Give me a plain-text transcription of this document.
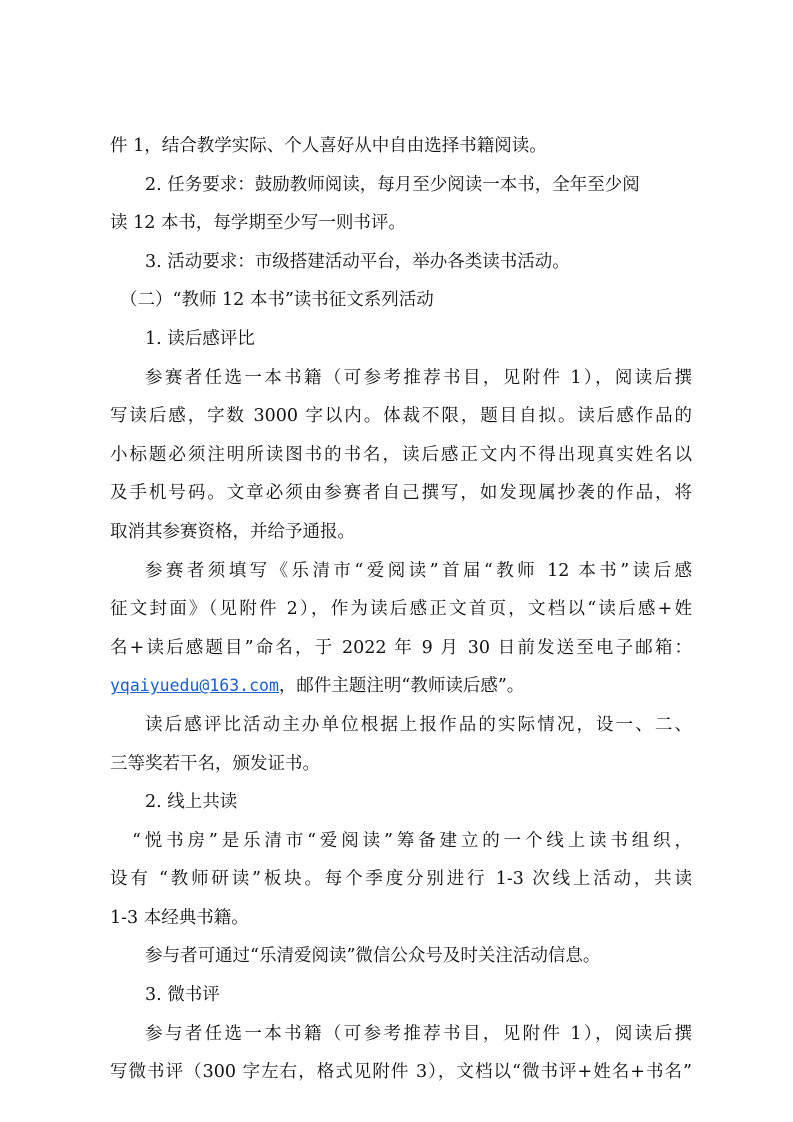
件 1，结合教学实际、个人喜好从中自由选择书籍阅读。

2. 任务要求：鼓励教师阅读，每月至少阅读一本书，全年至少阅

读 12 本书，每学期至少写一则书评。

3. 活动要求：市级搭建活动平台，举办各类读书活动。

（二）“教师 12 本书”读书征文系列活动

1. 读后感评比

参赛者任选一本书籍（可参考推荐书目，见附件 1），阅读后撰

写读后感，字数 3000 字以内。体裁不限，题目自拟。读后感作品的

小标题必须注明所读图书的书名，读后感正文内不得出现真实姓名以

及手机号码。文章必须由参赛者自己撰写，如发现属抄袭的作品，将

取消其参赛资格，并给予通报。

参赛者须填写《乐清市“爱阅读”首届“教师 12 本书”读后感

征文封面》（见附件 2），作为读后感正文首页，文档以“读后感+姓

名+读后感题目”命名，于 2022 年 9 月 30 日前发送至电子邮箱：

yqaiyuedu@163.com，邮件主题注明“教师读后感”。

读后感评比活动主办单位根据上报作品的实际情况，设一、二、

三等奖若干名，颁发证书。

2. 线上共读

“悦书房”是乐清市“爱阅读”筹备建立的一个线上读书组织，

设有 “教师研读”板块。每个季度分别进行 1-3 次线上活动，共读

1-3 本经典书籍。

参与者可通过“乐清爱阅读”微信公众号及时关注活动信息。

3. 微书评

参与者任选一本书籍（可参考推荐书目，见附件 1），阅读后撰

写微书评（300 字左右，格式见附件 3），文档以“微书评+姓名+书名”
